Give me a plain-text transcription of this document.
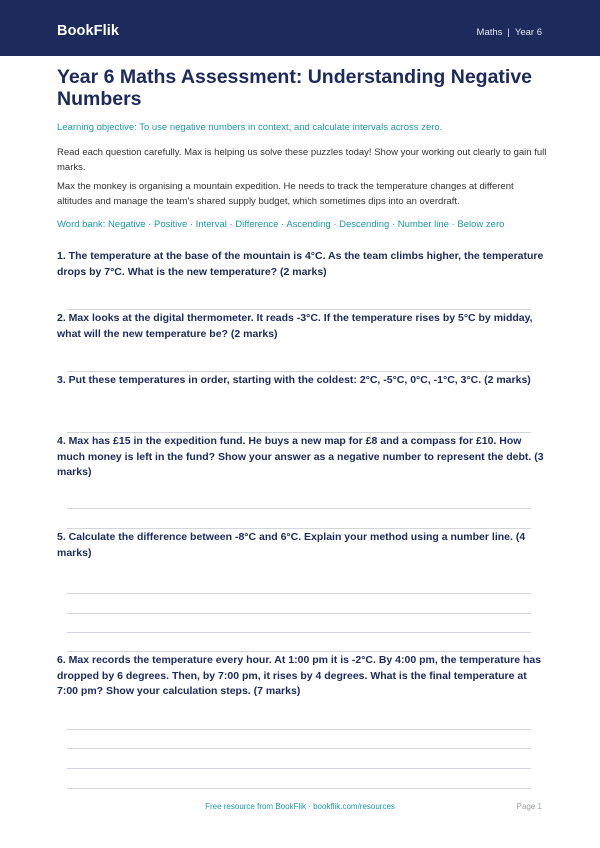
BookFlik	Maths | Year 6
Year 6 Maths Assessment: Understanding Negative Numbers
Learning objective: To use negative numbers in context, and calculate intervals across zero.
Read each question carefully. Max is helping us solve these puzzles today! Show your working out clearly to gain full marks.
Max the monkey is organising a mountain expedition. He needs to track the temperature changes at different altitudes and manage the team's shared supply budget, which sometimes dips into an overdraft.
Word bank: Negative · Positive · Interval · Difference · Ascending · Descending · Number line · Below zero
1. The temperature at the base of the mountain is 4°C. As the team climbs higher, the temperature drops by 7°C. What is the new temperature? (2 marks)
2. Max looks at the digital thermometer. It reads -3°C. If the temperature rises by 5°C by midday, what will the new temperature be? (2 marks)
3. Put these temperatures in order, starting with the coldest: 2°C, -5°C, 0°C, -1°C, 3°C. (2 marks)
4. Max has £15 in the expedition fund. He buys a new map for £8 and a compass for £10. How much money is left in the fund? Show your answer as a negative number to represent the debt. (3 marks)
5. Calculate the difference between -8°C and 6°C. Explain your method using a number line. (4 marks)
6. Max records the temperature every hour. At 1:00 pm it is -2°C. By 4:00 pm, the temperature has dropped by 6 degrees. Then, by 7:00 pm, it rises by 4 degrees. What is the final temperature at 7:00 pm? Show your calculation steps. (7 marks)
Free resource from BookFlik · bookflik.com/resources	Page 1
